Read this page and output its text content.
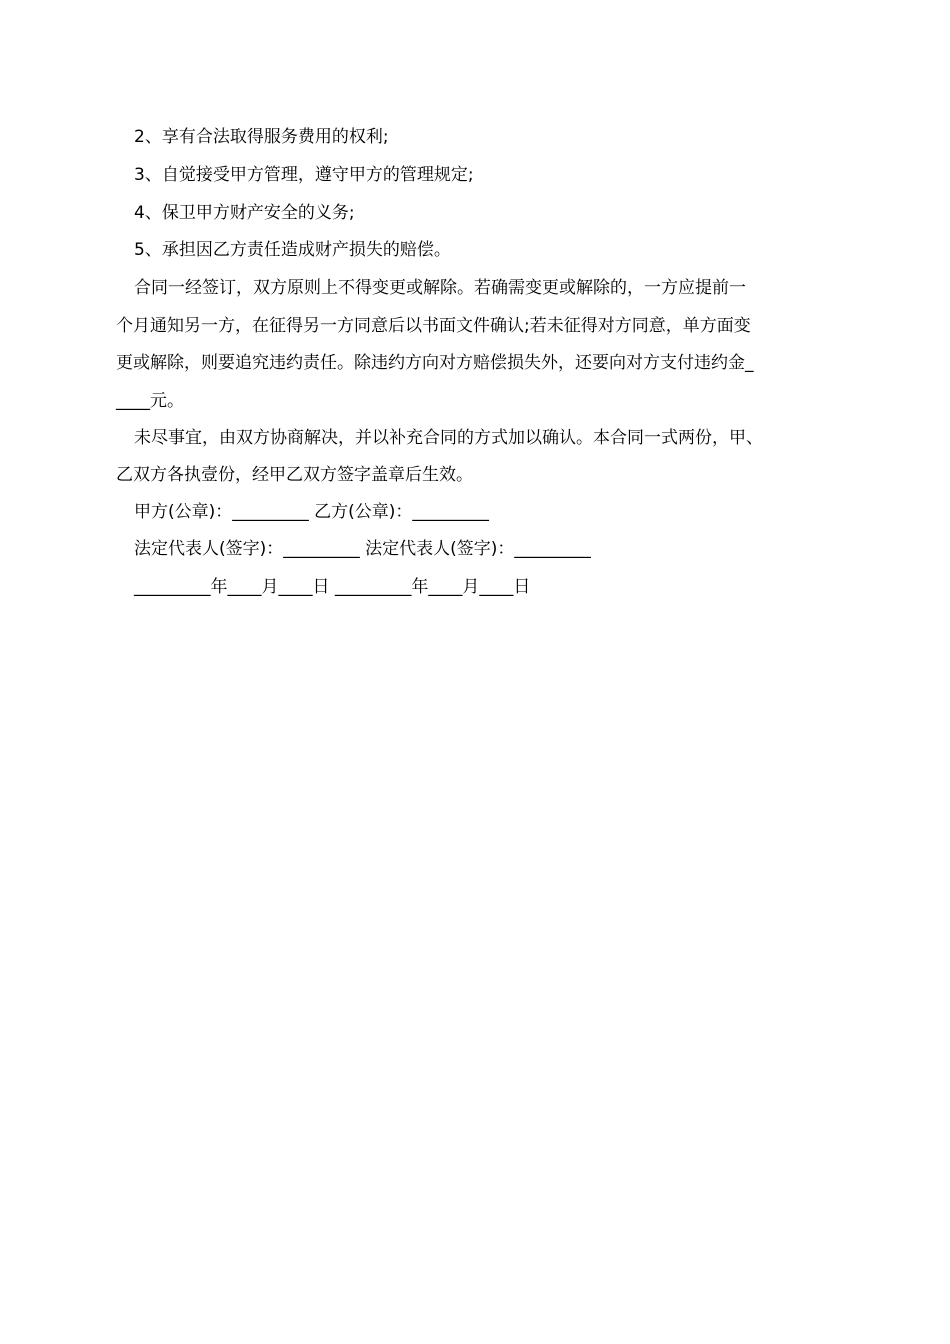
2、享有合法取得服务费用的权利;
3、自觉接受甲方管理，遵守甲方的管理规定;
4、保卫甲方财产安全的义务;
5、承担因乙方责任造成财产损失的赔偿。
合同一经签订，双方原则上不得变更或解除。若确需变更或解除的，一方应提前一
个月通知另一方，在征得另一方同意后以书面文件确认;若未征得对方同意，单方面变
更或解除，则要追究违约责任。除违约方向对方赔偿损失外，还要向对方支付违约金_
____元。
未尽事宜，由双方协商解决，并以补充合同的方式加以确认。本合同一式两份，甲、
乙双方各执壹份，经甲乙双方签字盖章后生效。
甲方(公章)：_________ 乙方(公章)：_________
法定代表人(签字)：_________ 法定代表人(签字)：_________
_________年____月____日 _________年____月____日
